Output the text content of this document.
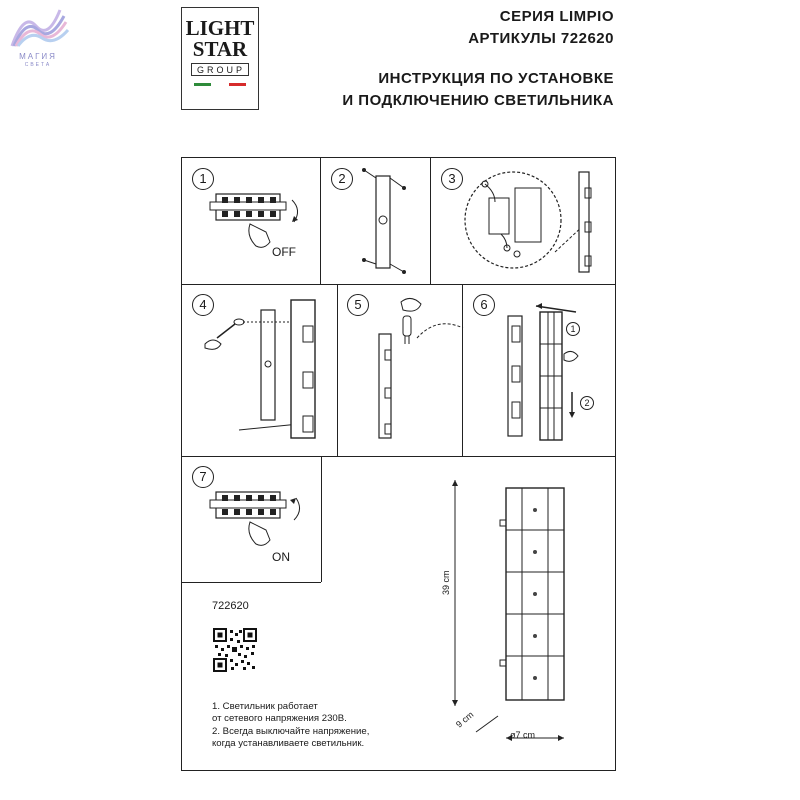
МАГИЯ
СВЕТА
LIGHT
STAR
GROUP
СЕРИЯ LIMPIO
АРТИКУЛЫ 722620
ИНСТРУКЦИЯ ПО УСТАНОВКЕ
И ПОДКЛЮЧЕНИЮ СВЕТИЛЬНИКА
1
OFF
2	3
4	5	6
1
2
7
ON
722620
1. Светильник работает
от сетевого напряжения 230В.
2. Всегда выключайте напряжение,
когда устанавливаете светильник.
39 cm
9 cm
ø7 cm
